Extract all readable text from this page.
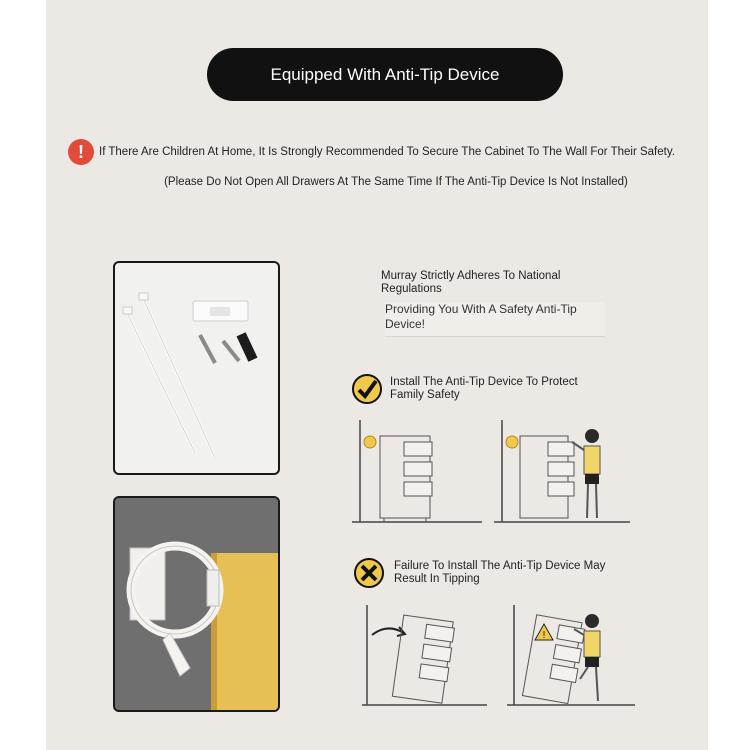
Equipped With Anti-Tip Device
!	If There Are Children At Home, It Is Strongly Recommended To Secure The Cabinet To The Wall For Their Safety.
(Please Do Not Open All Drawers At The Same Time If The Anti-Tip Device Is Not Installed)
Murray Strictly Adheres To National Regulations
Providing You With A Safety Anti-Tip Device!
Install The Anti-Tip Device To Protect Family Safety
Failure To Install The Anti-Tip Device May Result In Tipping
!
